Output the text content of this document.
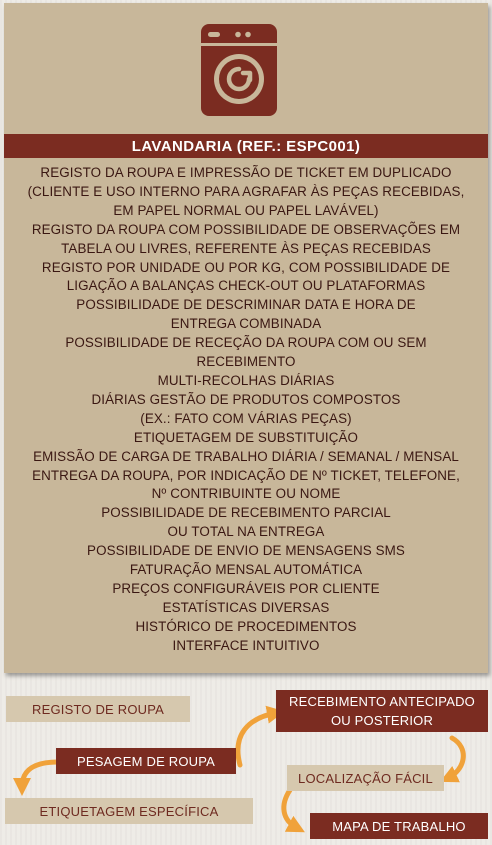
LAVANDARIA (REF.: ESPC001)
REGISTO DA ROUPA E IMPRESSÃO DE TICKET EM DUPLICADO
(CLIENTE E USO INTERNO PARA AGRAFAR ÀS PEÇAS RECEBIDAS,
EM PAPEL NORMAL OU PAPEL LAVÁVEL)
REGISTO DA ROUPA COM POSSIBILIDADE DE OBSERVAÇÕES EM
TABELA OU LIVRES, REFERENTE ÀS PEÇAS RECEBIDAS
REGISTO POR UNIDADE OU POR KG, COM POSSIBILIDADE DE
LIGAÇÃO A BALANÇAS CHECK-OUT OU PLATAFORMAS
POSSIBILIDADE DE DESCRIMINAR DATA E HORA DE
ENTREGA COMBINADA
POSSIBILIDADE DE RECEÇÃO DA ROUPA COM OU SEM
RECEBIMENTO
MULTI-RECOLHAS DIÁRIAS
DIÁRIAS GESTÃO DE PRODUTOS COMPOSTOS
(EX.: FATO COM VÁRIAS PEÇAS)
ETIQUETAGEM DE SUBSTITUIÇÃO
EMISSÃO DE CARGA DE TRABALHO DIÁRIA / SEMANAL / MENSAL
ENTREGA DA ROUPA, POR INDICAÇÃO DE Nº TICKET, TELEFONE,
Nº CONTRIBUINTE OU NOME
POSSIBILIDADE DE RECEBIMENTO PARCIAL
OU TOTAL NA ENTREGA
POSSIBILIDADE DE ENVIO DE MENSAGENS SMS
FATURAÇÃO MENSAL AUTOMÁTICA
PREÇOS CONFIGURÁVEIS POR CLIENTE
ESTATÍSTICAS DIVERSAS
HISTÓRICO DE PROCEDIMENTOS
INTERFACE INTUITIVO
REGISTO DE ROUPA	RECEBIMENTO ANTECIPADO
OU POSTERIOR
PESAGEM DE ROUPA
LOCALIZAÇÃO FÁCIL
ETIQUETAGEM ESPECÍFICA
MAPA DE TRABALHO
